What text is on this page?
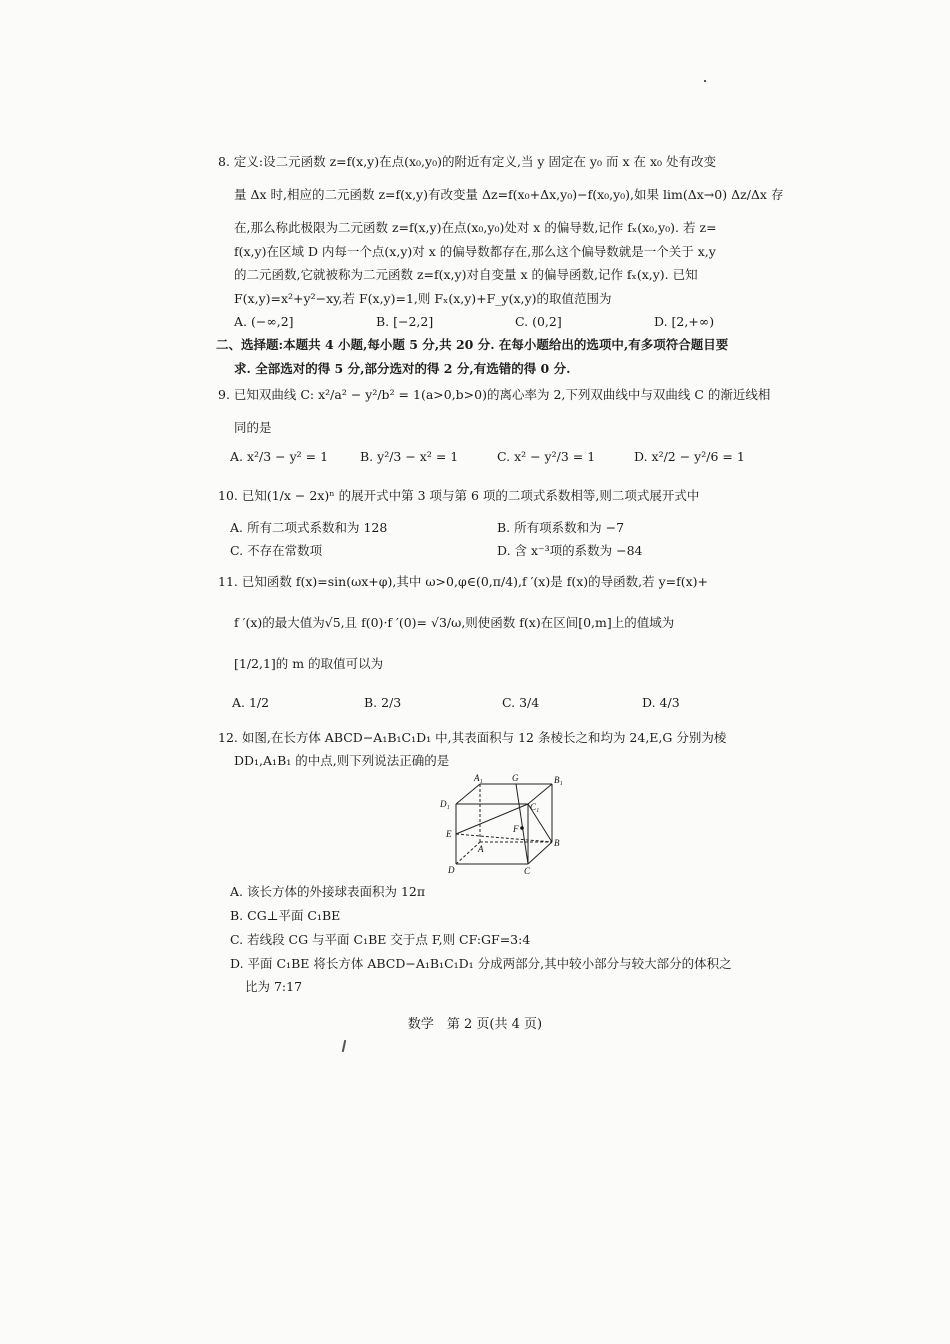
8. 定义:设二元函数 z=f(x,y)在点(x₀,y₀)的附近有定义,当 y 固定在 y₀ 而 x 在 x₀ 处有改变
量 Δx 时,相应的二元函数 z=f(x,y)有改变量 Δz=f(x₀+Δx,y₀)−f(x₀,y₀),如果 lim(Δx→0) Δz/Δx 存
在,那么称此极限为二元函数 z=f(x,y)在点(x₀,y₀)处对 x 的偏导数,记作 fₓ(x₀,y₀). 若 z=
f(x,y)在区域 D 内每一个点(x,y)对 x 的偏导数都存在,那么这个偏导数就是一个关于 x,y
的二元函数,它就被称为二元函数 z=f(x,y)对自变量 x 的偏导函数,记作 fₓ(x,y). 已知
F(x,y)=x²+y²−xy,若 F(x,y)=1,则 Fₓ(x,y)+F_y(x,y)的取值范围为
A. (−∞,2]	B. [−2,2]	C. (0,2]	D. [2,+∞)
二、选择题:本题共 4 小题,每小题 5 分,共 20 分. 在每小题给出的选项中,有多项符合题目要
求. 全部选对的得 5 分,部分选对的得 2 分,有选错的得 0 分.
9. 已知双曲线 C: x²/a² − y²/b² = 1(a>0,b>0)的离心率为 2,下列双曲线中与双曲线 C 的渐近线相
同的是
A. x²/3 − y² = 1	B. y²/3 − x² = 1	C. x² − y²/3 = 1	D. x²/2 − y²/6 = 1
10. 已知(1/x − 2x)ⁿ 的展开式中第 3 项与第 6 项的二项式系数相等,则二项式展开式中
A. 所有二项式系数和为 128	B. 所有项系数和为 −7
C. 不存在常数项	D. 含 x⁻³项的系数为 −84
11. 已知函数 f(x)=sin(ωx+φ),其中 ω>0,φ∈(0,π/4),f ′(x)是 f(x)的导函数,若 y=f(x)+
f ′(x)的最大值为√5,且 f(0)·f ′(0)= √3/ω,则使函数 f(x)在区间[0,m]上的值域为
[1/2,1]的 m 的取值可以为
A. 1/2	B. 2/3	C. 3/4	D. 4/3
12. 如图,在长方体 ABCD−A₁B₁C₁D₁ 中,其表面积与 12 条棱长之和均为 24,E,G 分别为棱
DD₁,A₁B₁ 的中点,则下列说法正确的是
A₁	G	B₁
D₁	C₁
E	F
A
B
D	C
A. 该长方体的外接球表面积为 12π
B. CG⊥平面 C₁BE
C. 若线段 CG 与平面 C₁BE 交于点 F,则 CF:GF=3:4
D. 平面 C₁BE 将长方体 ABCD−A₁B₁C₁D₁ 分成两部分,其中较小部分与较大部分的体积之
比为 7:17
数学　第 2 页(共 4 页)
